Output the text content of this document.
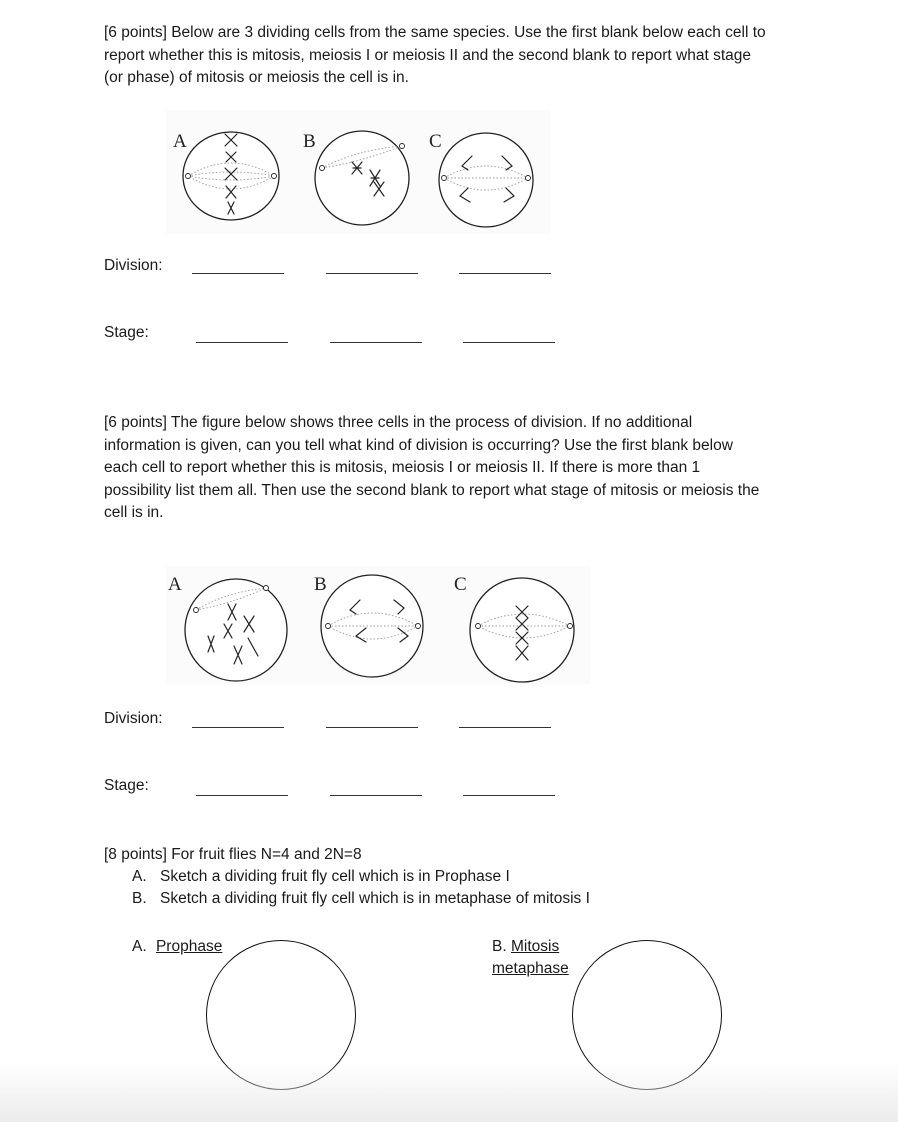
[6 points] Below are 3 dividing cells from the same species. Use the first blank below each cell to
report whether this is mitosis, meiosis I or meiosis II and the second blank to report what stage
(or phase) of mitosis or meiosis the cell is in.

A	B	C
Division:
Stage:

[6 points] The figure below shows three cells in the process of division. If no additional
information is given, can you tell what kind of division is occurring? Use the first blank below
each cell to report whether this is mitosis, meiosis I or meiosis II. If there is more than 1
possibility list them all. Then use the second blank to report what stage of mitosis or meiosis the
cell is in.

A	B	C
Division:
Stage:
[8 points] For fruit flies N=4 and 2N=8
A. Sketch a dividing fruit fly cell which is in Prophase I
B. Sketch a dividing fruit fly cell which is in metaphase of mitosis I
A. Prophase	B. Mitosis
metaphase
